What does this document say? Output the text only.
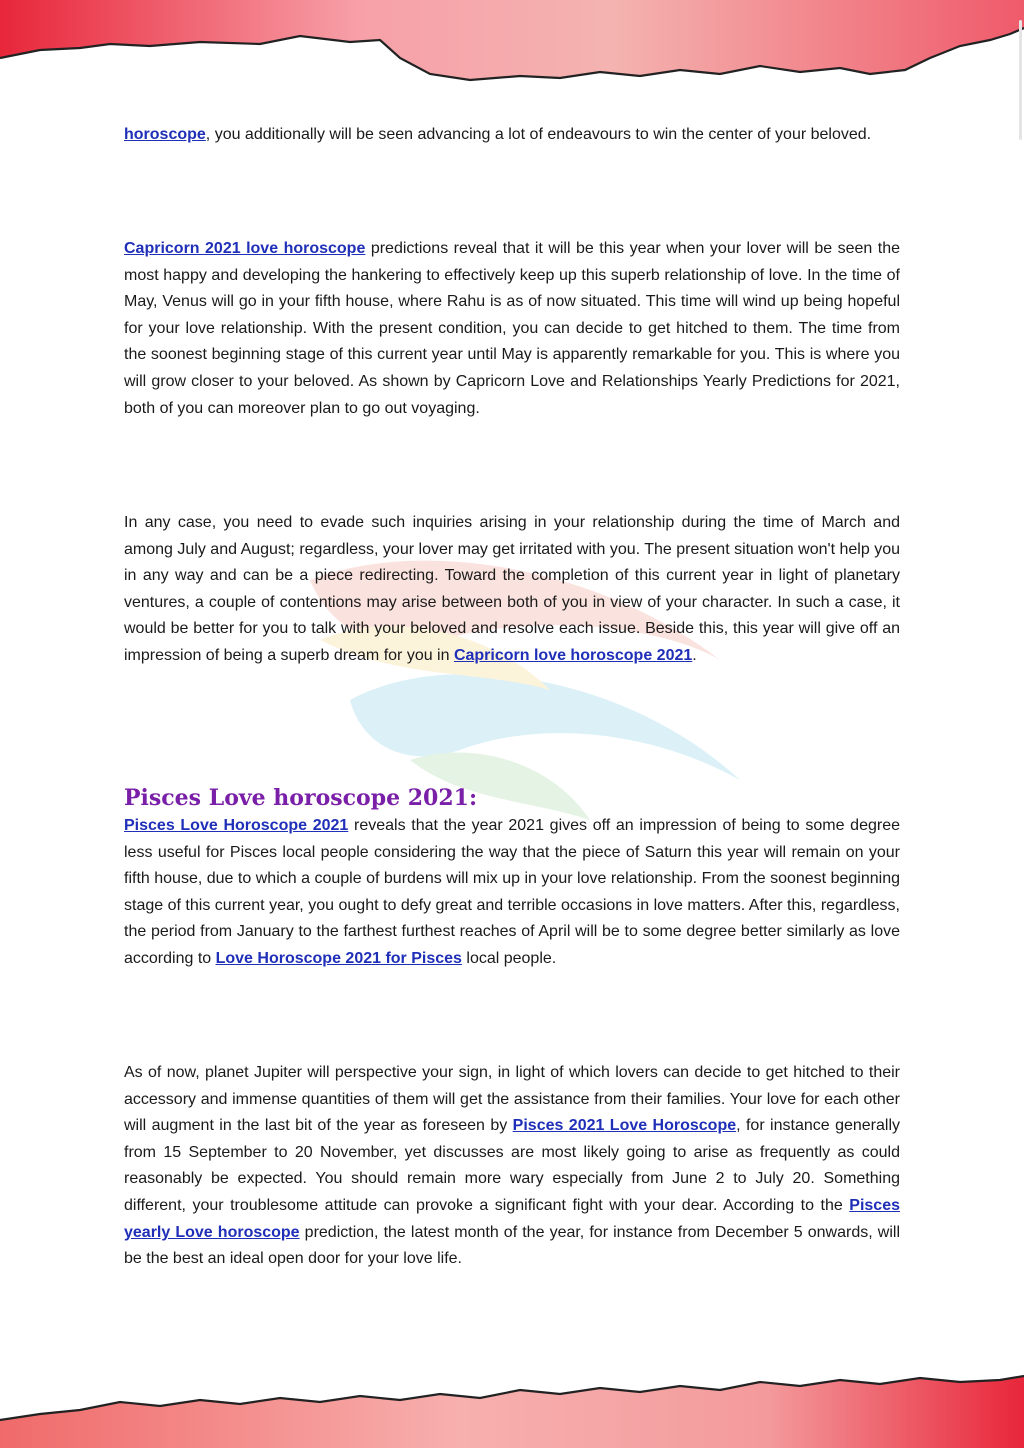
horoscope, you additionally will be seen advancing a lot of endeavours to win the center of your beloved.

Capricorn 2021 love horoscope predictions reveal that it will be this year when your lover will be seen the most happy and developing the hankering to effectively keep up this superb relationship of love. In the time of May, Venus will go in your fifth house, where Rahu is as of now situated. This time will wind up being hopeful for your love relationship. With the present condition, you can decide to get hitched to them. The time from the soonest beginning stage of this current year until May is apparently remarkable for you. This is where you will grow closer to your beloved. As shown by Capricorn Love and Relationships Yearly Predictions for 2021, both of you can moreover plan to go out voyaging.

In any case, you need to evade such inquiries arising in your relationship during the time of March and among July and August; regardless, your lover may get irritated with you. The present situation won't help you in any way and can be a piece redirecting. Toward the completion of this current year in light of planetary ventures, a couple of contentions may arise between both of you in view of your character. In such a case, it would be better for you to talk with your beloved and resolve each issue. Beside this, this year will give off an impression of being a superb dream for you in Capricorn love horoscope 2021.

Pisces Love horoscope 2021:

Pisces Love Horoscope 2021 reveals that the year 2021 gives off an impression of being to some degree less useful for Pisces local people considering the way that the piece of Saturn this year will remain on your fifth house, due to which a couple of burdens will mix up in your love relationship. From the soonest beginning stage of this current year, you ought to defy great and terrible occasions in love matters. After this, regardless, the period from January to the farthest furthest reaches of April will be to some degree better similarly as love according to Love Horoscope 2021 for Pisces local people.

As of now, planet Jupiter will perspective your sign, in light of which lovers can decide to get hitched to their accessory and immense quantities of them will get the assistance from their families. Your love for each other will augment in the last bit of the year as foreseen by Pisces 2021 Love Horoscope, for instance generally from 15 September to 20 November, yet discusses are most likely going to arise as frequently as could reasonably be expected. You should remain more wary especially from June 2 to July 20. Something different, your troublesome attitude can provoke a significant fight with your dear. According to the Pisces yearly Love horoscope prediction, the latest month of the year, for instance from December 5 onwards, will be the best an ideal open door for your love life.
